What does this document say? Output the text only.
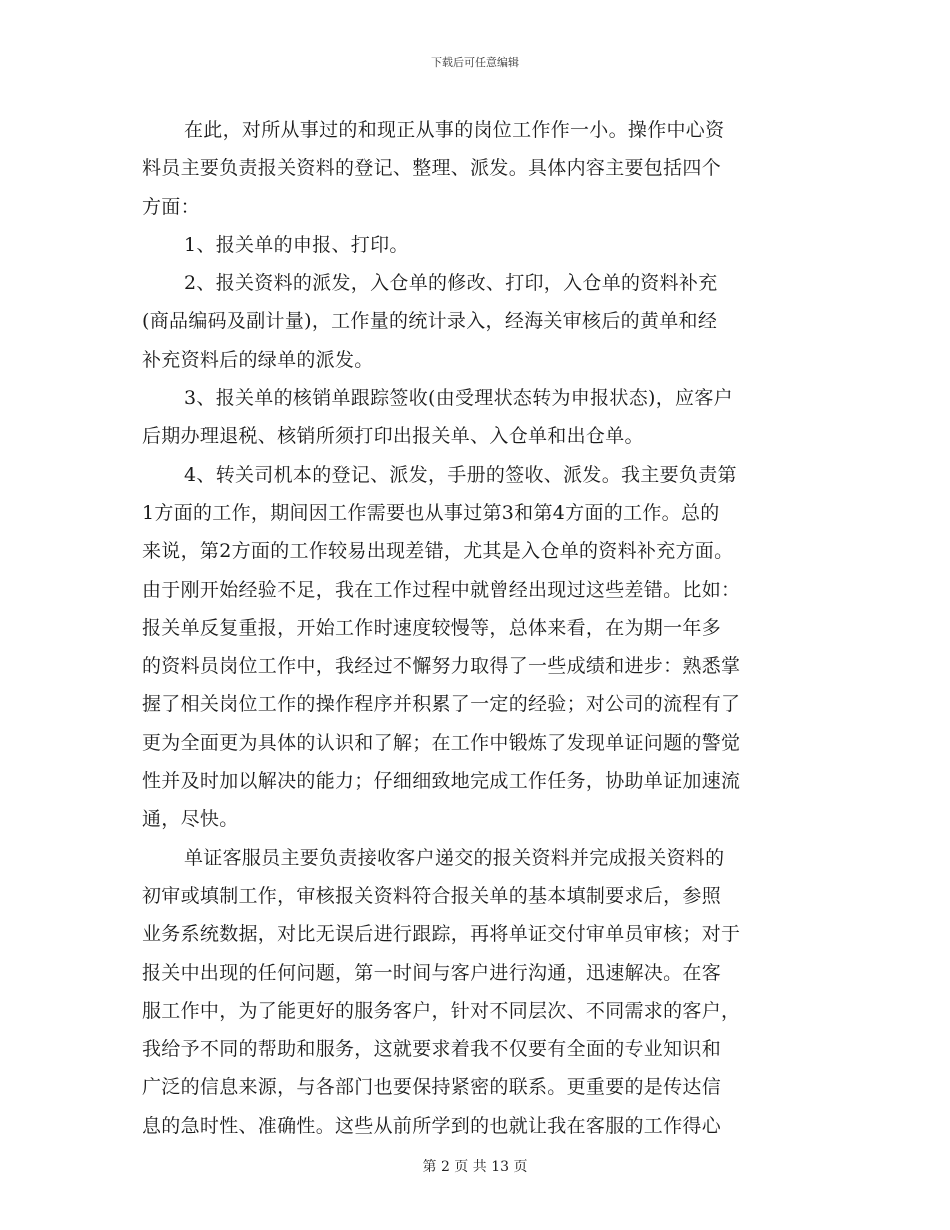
下载后可任意编辑
在此，对所从事过的和现正从事的岗位工作作一小。操作中心资
料员主要负责报关资料的登记、整理、派发。具体内容主要包括四个
方面：
1、报关单的申报、打印。
2、报关资料的派发，入仓单的修改、打印，入仓单的资料补充
(商品编码及副计量)，工作量的统计录入，经海关审核后的黄单和经
补充资料后的绿单的派发。
3、报关单的核销单跟踪签收(由受理状态转为申报状态)，应客户
后期办理退税、核销所须打印出报关单、入仓单和出仓单。
4、转关司机本的登记、派发，手册的签收、派发。我主要负责第
1方面的工作，期间因工作需要也从事过第3和第4方面的工作。总的
来说，第2方面的工作较易出现差错，尤其是入仓单的资料补充方面。
由于刚开始经验不足，我在工作过程中就曾经出现过这些差错。比如：
报关单反复重报，开始工作时速度较慢等，总体来看，在为期一年多
的资料员岗位工作中，我经过不懈努力取得了一些成绩和进步：熟悉掌
握了相关岗位工作的操作程序并积累了一定的经验；对公司的流程有了
更为全面更为具体的认识和了解；在工作中锻炼了发现单证问题的警觉
性并及时加以解决的能力；仔细细致地完成工作任务，协助单证加速流
通，尽快。
单证客服员主要负责接收客户递交的报关资料并完成报关资料的
初审或填制工作，审核报关资料符合报关单的基本填制要求后，参照
业务系统数据，对比无误后进行跟踪，再将单证交付审单员审核；对于
报关中出现的任何问题，第一时间与客户进行沟通，迅速解决。在客
服工作中，为了能更好的服务客户，针对不同层次、不同需求的客户，
我给予不同的帮助和服务，这就要求着我不仅要有全面的专业知识和
广泛的信息来源，与各部门也要保持紧密的联系。更重要的是传达信
息的急时性、准确性。这些从前所学到的也就让我在客服的工作得心
第 2 页 共 13 页
